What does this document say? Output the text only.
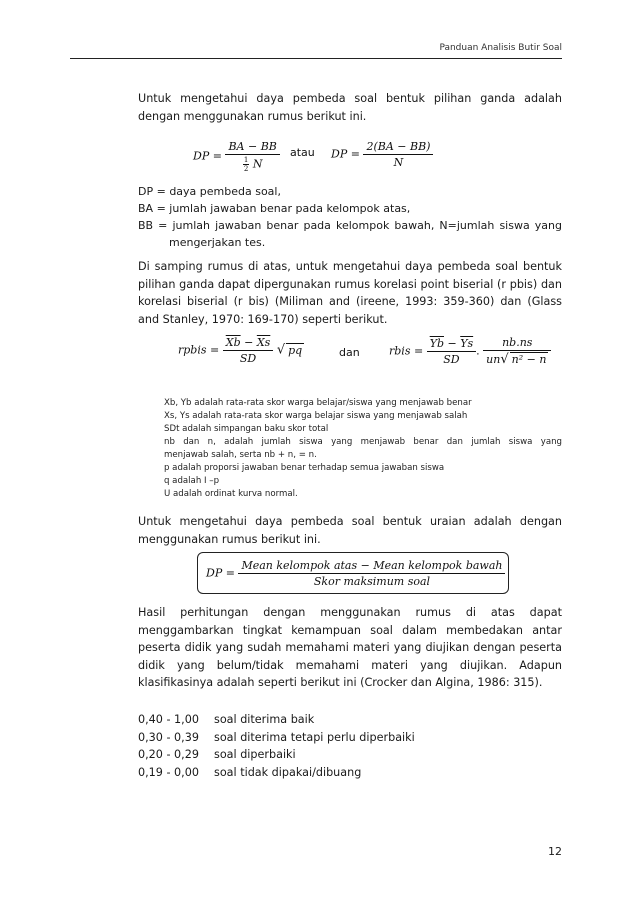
Panduan Analisis Butir Soal

Untuk mengetahui daya pembeda soal bentuk pilihan ganda adalah dengan menggunakan rumus berikut ini.

DP = $\frac{BA - BB}{\frac{1}{2} N}$ atau DP = $\frac{2(BA - BB)}{N}$
DP = daya pembeda soal,
BA = jumlah jawaban benar pada kelompok atas,
BB = jumlah jawaban benar pada kelompok bawah, N=jumlah siswa yang
mengerjakan tes.

Di samping rumus di atas, untuk mengetahui daya pembeda soal bentuk pilihan ganda dapat dipergunakan rumus korelasi point biserial (r pbis) dan korelasi biserial (r bis) (Miliman and (ireene, 1993: 359-360) dan (Glass and Stanley, 1970: 169-170) seperti berikut.

rpbis = $\frac{\overline{Xb} - \overline{Xs}}{SD}$ √ pq	dan	rbis = $\frac{\overline{Yb} - \overline{Ys}}{SD}$ . $\frac{nb.ns}{\text{un√ n² − n}}$
Xb, Yb adalah rata-rata skor warga belajar/siswa yang menjawab benar
Xs, Ys adalah rata-rata skor warga belajar siswa yang menjawab salah
SDt adalah simpangan baku skor total
nb dan n, adalah jumlah siswa yang menjawab benar dan jumlah siswa yang
menjawab salah, serta nb + n, = n.
p adalah proporsi jawaban benar terhadap semua jawaban siswa
q adalah I –p
U adalah ordinat kurva normal.

Untuk mengetahui daya pembeda soal bentuk uraian adalah dengan menggunakan rumus berikut ini.

DP = $\frac{\text{Mean kelompok atas − Mean kelompok bawah}}{\text{Skor maksimum soal}}$

Hasil perhitungan dengan menggunakan rumus di atas dapat menggambarkan tingkat kemampuan soal dalam membedakan antar peserta didik yang sudah memahami materi yang diujikan dengan peserta didik yang belum/tidak memahami materi yang diujikan. Adapun klasifikasinya adalah seperti berikut ini (Crocker dan Algina, 1986: 315).

0,40 - 1,00 soal diterima baik
0,30 - 0,39 soal diterima tetapi perlu diperbaiki
0,20 - 0,29 soal diperbaiki
0,19 - 0,00 soal tidak dipakai/dibuang
12
